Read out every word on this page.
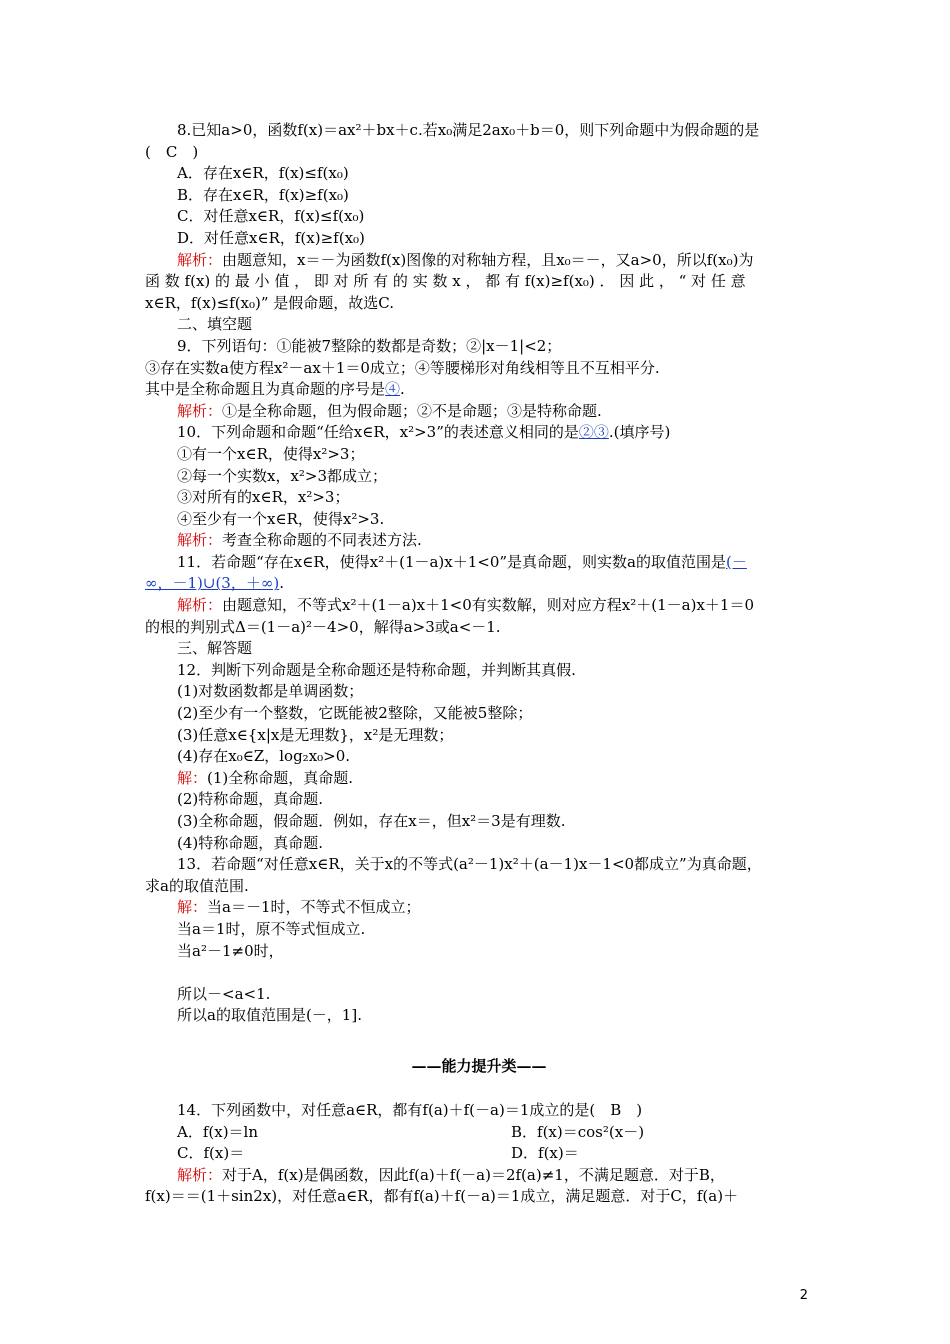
8.已知a>0，函数f(x)＝ax²＋bx＋c.若x₀满足2ax₀＋b＝0，则下列命题中为假命题的是
(　C　)
A．存在x∈R，f(x)≤f(x₀)
B．存在x∈R，f(x)≥f(x₀)
C．对任意x∈R，f(x)≤f(x₀)
D．对任意x∈R，f(x)≥f(x₀)
解析：由题意知，x＝－为函数f(x)图像的对称轴方程，且x₀＝－，又a>0，所以f(x₀)为
函 数 f(x) 的 最 小 值 ， 即 对 所 有 的 实 数 x ， 都 有 f(x)≥f(x₀) ． 因 此 ， “ 对 任 意
x∈R，f(x)≤f(x₀)” 是假命题，故选C.
二、填空题
9．下列语句：①能被7整除的数都是奇数；②|x－1|<2；
③存在实数a使方程x²－ax＋1＝0成立；④等腰梯形对角线相等且不互相平分.
其中是全称命题且为真命题的序号是④.
解析：①是全称命题，但为假命题；②不是命题；③是特称命题.
10．下列命题和命题“任给x∈R，x²>3”的表述意义相同的是②③.(填序号)
①有一个x∈R，使得x²>3；
②每一个实数x，x²>3都成立；
③对所有的x∈R，x²>3；
④至少有一个x∈R，使得x²>3.
解析：考查全称命题的不同表述方法.
11．若命题“存在x∈R，使得x²＋(1－a)x＋1<0”是真命题，则实数a的取值范围是(－
∞，－1)∪(3，＋∞).
解析：由题意知，不等式x²＋(1－a)x＋1<0有实数解，则对应方程x²＋(1－a)x＋1＝0
的根的判别式Δ＝(1－a)²－4>0，解得a>3或a<－1.
三、解答题
12．判断下列命题是全称命题还是特称命题，并判断其真假.
(1)对数函数都是单调函数；
(2)至少有一个整数，它既能被2整除，又能被5整除；
(3)任意x∈{x|x是无理数}，x²是无理数；
(4)存在x₀∈Z，log₂x₀>0.
解：(1)全称命题，真命题.
(2)特称命题，真命题.
(3)全称命题，假命题．例如，存在x＝，但x²＝3是有理数.
(4)特称命题，真命题.
13．若命题“对任意x∈R，关于x的不等式(a²－1)x²＋(a－1)x－1<0都成立”为真命题，
求a的取值范围.
解：当a＝－1时，不等式不恒成立；
当a＝1时，原不等式恒成立.
当a²－1≠0时，
所以－<a<1.
所以a的取值范围是(－，1].
——能力提升类——
14．下列函数中，对任意a∈R，都有f(a)＋f(－a)＝1成立的是(　B　)
A．f(x)＝ln	B．f(x)＝cos²(x－)
C．f(x)＝	D．f(x)＝
解析：对于A，f(x)是偶函数，因此f(a)＋f(－a)＝2f(a)≠1，不满足题意．对于B，
f(x)＝＝(1＋sin2x)，对任意a∈R，都有f(a)＋f(－a)＝1成立，满足题意．对于C，f(a)＋
2
